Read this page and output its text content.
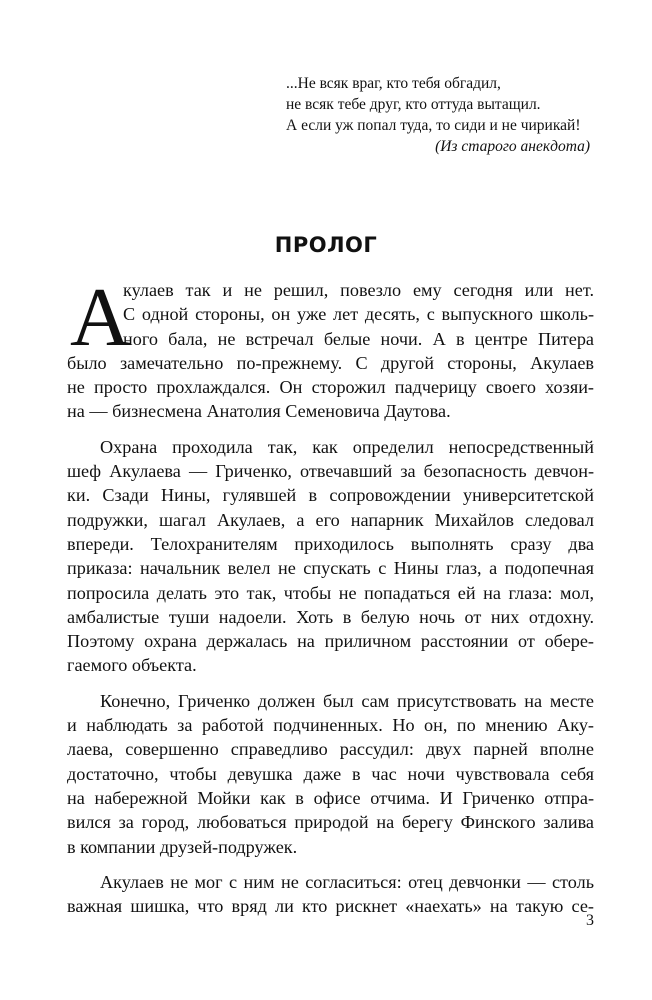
...Не всяк враг, кто тебя обгадил,
не всяк тебе друг, кто оттуда вытащил.
А если уж попал туда, то сиди и не чирикай!
(Из старого анекдота)
ПРОЛОГ
А
кулаев так и не решил, повезло ему сегодня или нет.
С одной стороны, он уже лет десять, с выпускного школь-
ного бала, не встречал белые ночи. А в центре Питера
было замечательно по-прежнему. С другой стороны, Акулаев
не просто прохлаждался. Он сторожил падчерицу своего хозяи-
на — бизнесмена Анатолия Семеновича Даутова.
Охрана проходила так, как определил непосредственный
шеф Акулаева — Гриченко, отвечавший за безопасность девчон-
ки. Сзади Нины, гулявшей в сопровождении университетской
подружки, шагал Акулаев, а его напарник Михайлов следовал
впереди. Телохранителям приходилось выполнять сразу два
приказа: начальник велел не спускать с Нины глаз, а подопечная
попросила делать это так, чтобы не попадаться ей на глаза: мол,
амбалистые туши надоели. Хоть в белую ночь от них отдохну.
Поэтому охрана держалась на приличном расстоянии от обере-
гаемого объекта.
Конечно, Гриченко должен был сам присутствовать на месте
и наблюдать за работой подчиненных. Но он, по мнению Аку-
лаева, совершенно справедливо рассудил: двух парней вполне
достаточно, чтобы девушка даже в час ночи чувствовала себя
на набережной Мойки как в офисе отчима. И Гриченко отпра-
вился за город, любоваться природой на берегу Финского залива
в компании друзей-подружек.
Акулаев не мог с ним не согласиться: отец девчонки — столь
важная шишка, что вряд ли кто рискнет «наехать» на такую се-
3
